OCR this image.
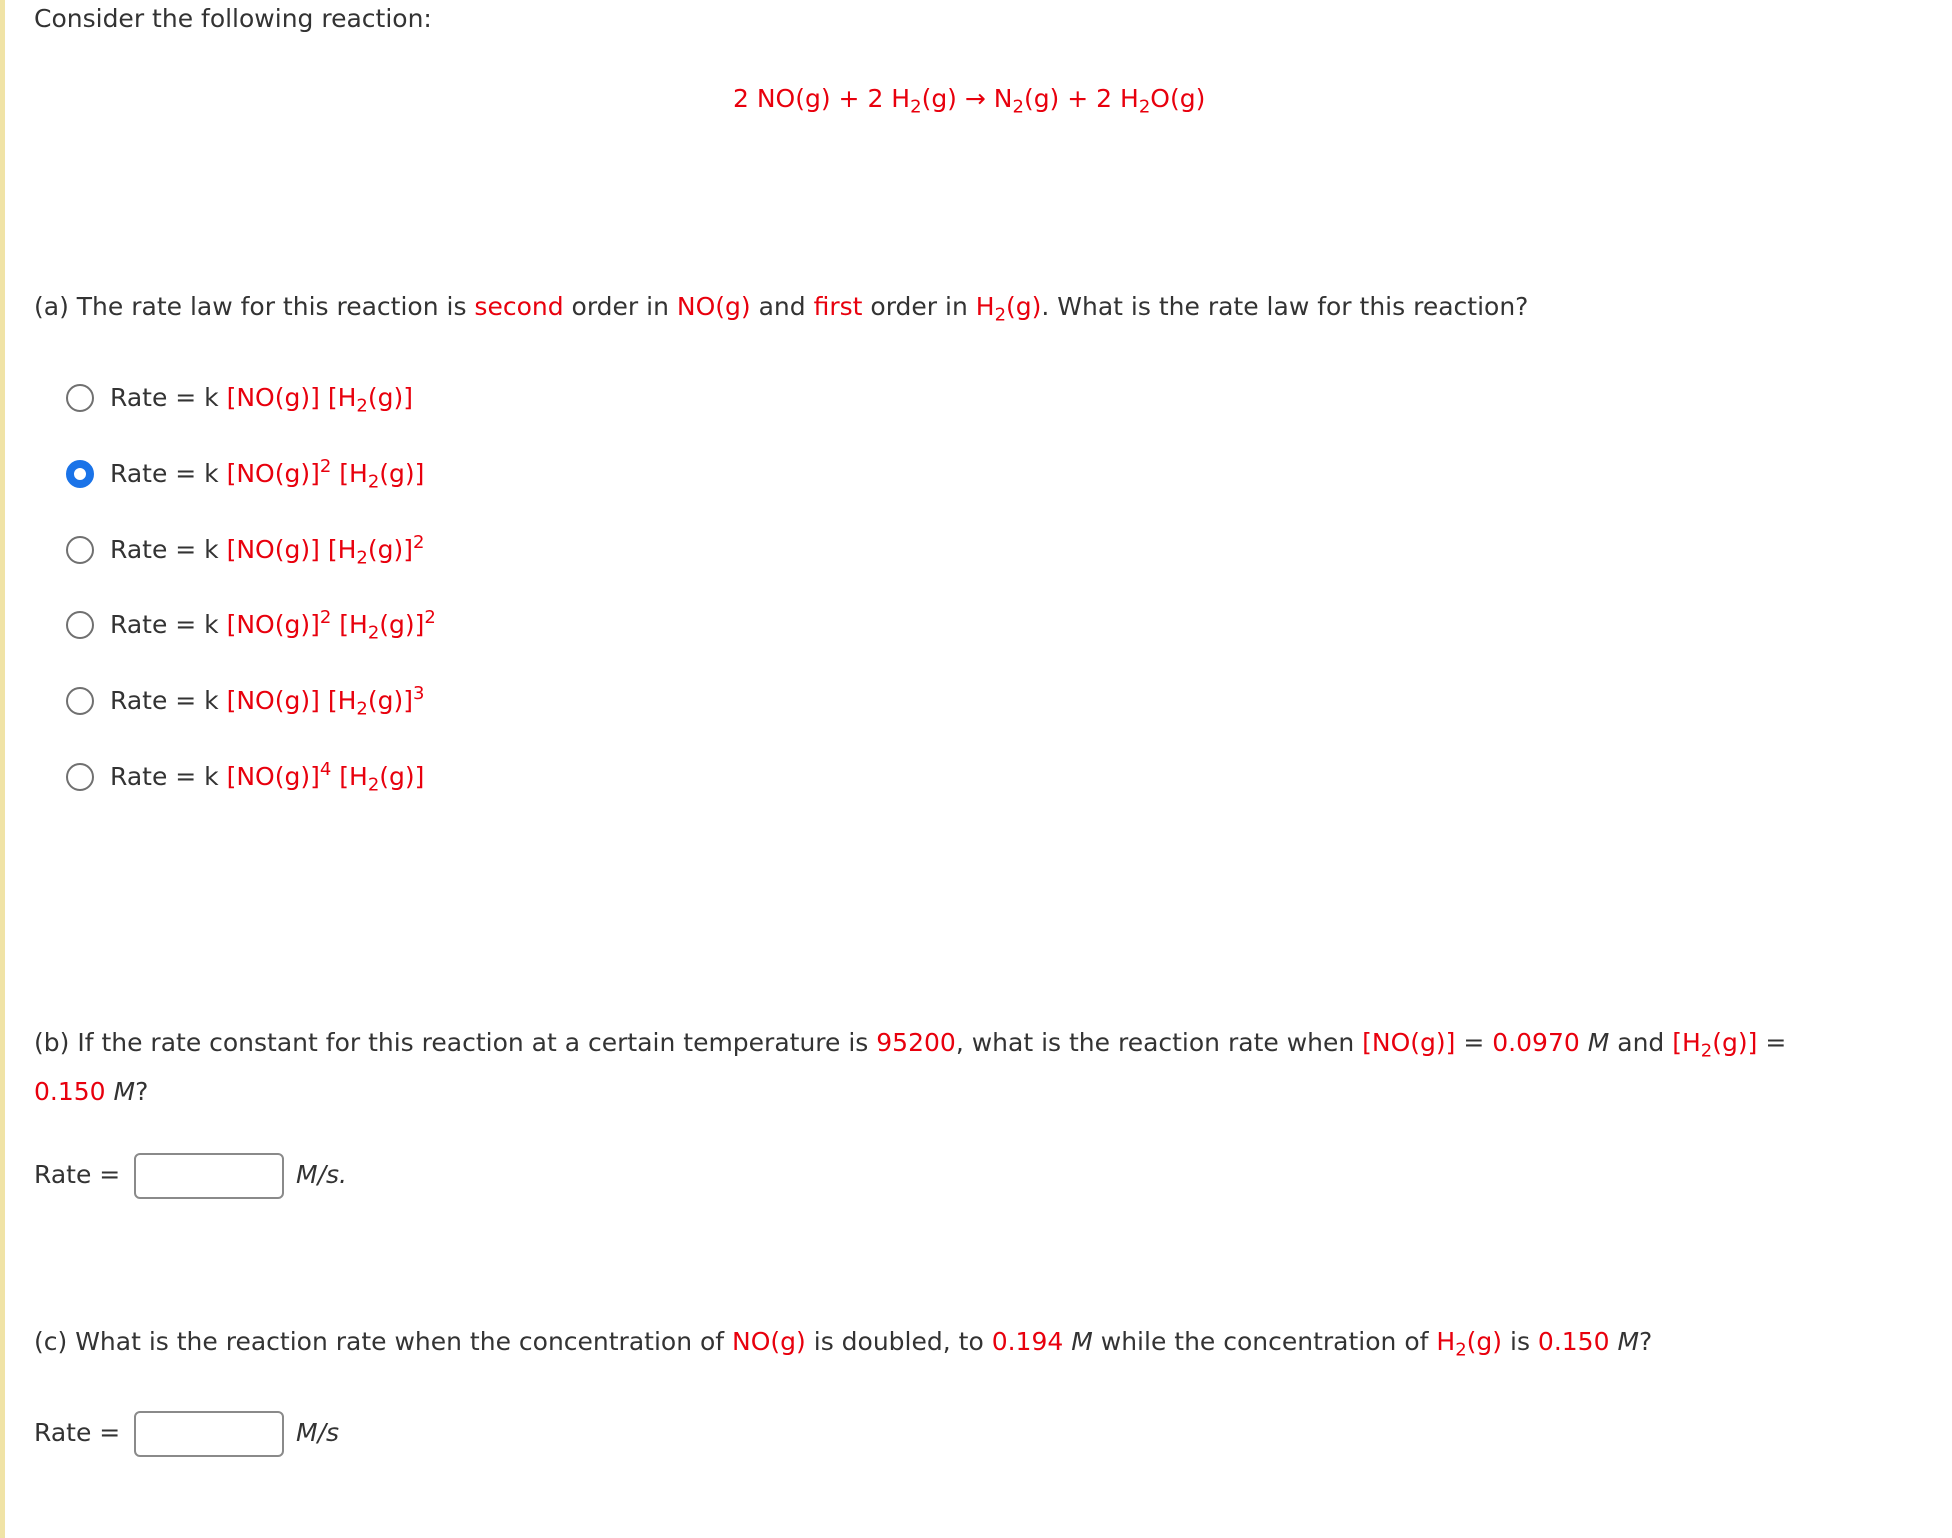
Consider the following reaction:
2 NO(g) + 2 $H_2(g) \to N_2(g) + 2$ $H_2O(g)$
(a) The rate law for this reaction is second order in NO(g) and first order in $H_2(g)$. What is the rate law for this reaction?
Rate = k [NO(g)] $[H_2(g)]$
Rate = k $[NO(g)]^2$ $[H_2(g)]$
Rate = k [NO(g)] $[H_2(g)]^2$
Rate = k $[NO(g)]^2$ $[H_2(g)]^2$
Rate = k [NO(g)] $[H_2(g)]^3$
Rate = k $[NO(g)]^4$ $[H_2(g)]$
(b) If the rate constant for this reaction at a certain temperature is 95200, what is the reaction rate when [NO(g)] = 0.0970 M and $[H_2(g)]$ =
0.150 M?
Rate =	M/s.
(c) What is the reaction rate when the concentration of NO(g) is doubled, to 0.194 M while the concentration of $H_2(g)$ is 0.150 M?
Rate =	M/s
